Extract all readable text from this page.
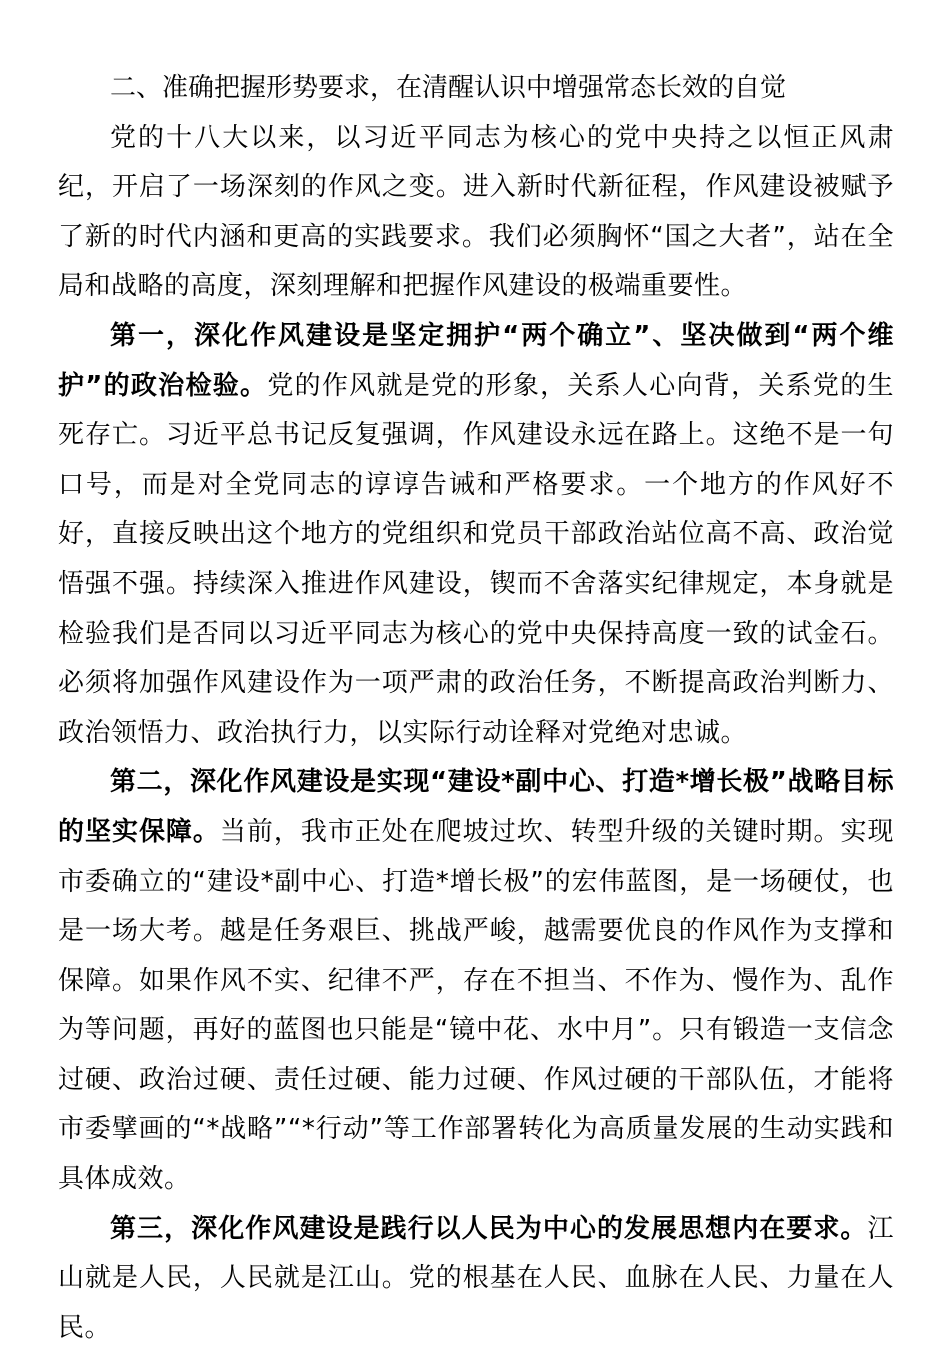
二、准确把握形势要求，在清醒认识中增强常态长效的自觉

党的十八大以来，以习近平同志为核心的党中央持之以恒正风肃纪，开启了一场深刻的作风之变。进入新时代新征程，作风建设被赋予了新的时代内涵和更高的实践要求。我们必须胸怀“国之大者”，站在全局和战略的高度，深刻理解和把握作风建设的极端重要性。

第一，深化作风建设是坚定拥护“两个确立”、坚决做到“两个维护”的政治检验。党的作风就是党的形象，关系人心向背，关系党的生死存亡。习近平总书记反复强调，作风建设永远在路上。这绝不是一句口号，而是对全党同志的谆谆告诫和严格要求。一个地方的作风好不好，直接反映出这个地方的党组织和党员干部政治站位高不高、政治觉悟强不强。持续深入推进作风建设，锲而不舍落实纪律规定，本身就是检验我们是否同以习近平同志为核心的党中央保持高度一致的试金石。必须将加强作风建设作为一项严肃的政治任务，不断提高政治判断力、政治领悟力、政治执行力，以实际行动诠释对党绝对忠诚。

第二，深化作风建设是实现“建设*副中心、打造*增长极”战略目标的坚实保障。当前，我市正处在爬坡过坎、转型升级的关键时期。实现市委确立的“建设*副中心、打造*增长极”的宏伟蓝图，是一场硬仗，也是一场大考。越是任务艰巨、挑战严峻，越需要优良的作风作为支撑和保障。如果作风不实、纪律不严，存在不担当、不作为、慢作为、乱作为等问题，再好的蓝图也只能是“镜中花、水中月”。只有锻造一支信念过硬、政治过硬、责任过硬、能力过硬、作风过硬的干部队伍，才能将市委擘画的“*战略”“*行动”等工作部署转化为高质量发展的生动实践和具体成效。

第三，深化作风建设是践行以人民为中心的发展思想内在要求。江山就是人民，人民就是江山。党的根基在人民、血脉在人民、力量在人民。
